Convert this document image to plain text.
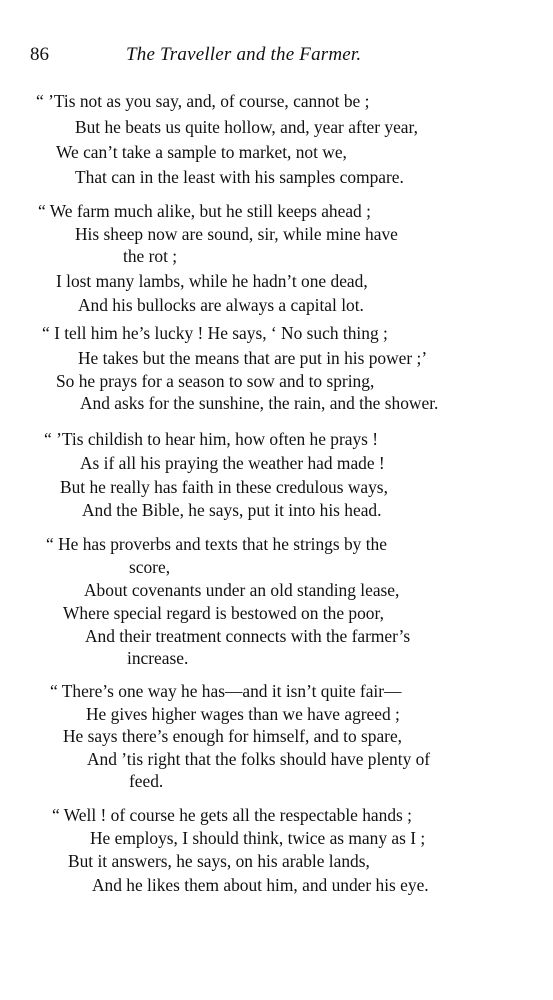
86	The Traveller and the Farmer.
“ ’Tis not as you say, and, of course, cannot be ;
But he beats us quite hollow, and, year after year,
We can’t take a sample to market, not we,
That can in the least with his samples compare.
“ We farm much alike, but he still keeps ahead ;
His sheep now are sound, sir, while mine have
the rot ;
I lost many lambs, while he hadn’t one dead,
And his bullocks are always a capital lot.
“ I tell him he’s lucky ! He says, ‘ No such thing ;
He takes but the means that are put in his power ;’
So he prays for a season to sow and to spring,
And asks for the sunshine, the rain, and the shower.
“ ’Tis childish to hear him, how often he prays !
As if all his praying the weather had made !
But he really has faith in these credulous ways,
And the Bible, he says, put it into his head.
“ He has proverbs and texts that he strings by the
score,
About covenants under an old standing lease,
Where special regard is bestowed on the poor,
And their treatment connects with the farmer’s
increase.
“ There’s one way he has—and it isn’t quite fair—
He gives higher wages than we have agreed ;
He says there’s enough for himself, and to spare,
And ’tis right that the folks should have plenty of
feed.
“ Well ! of course he gets all the respectable hands ;
He employs, I should think, twice as many as I ;
But it answers, he says, on his arable lands,
And he likes them about him, and under his eye.
